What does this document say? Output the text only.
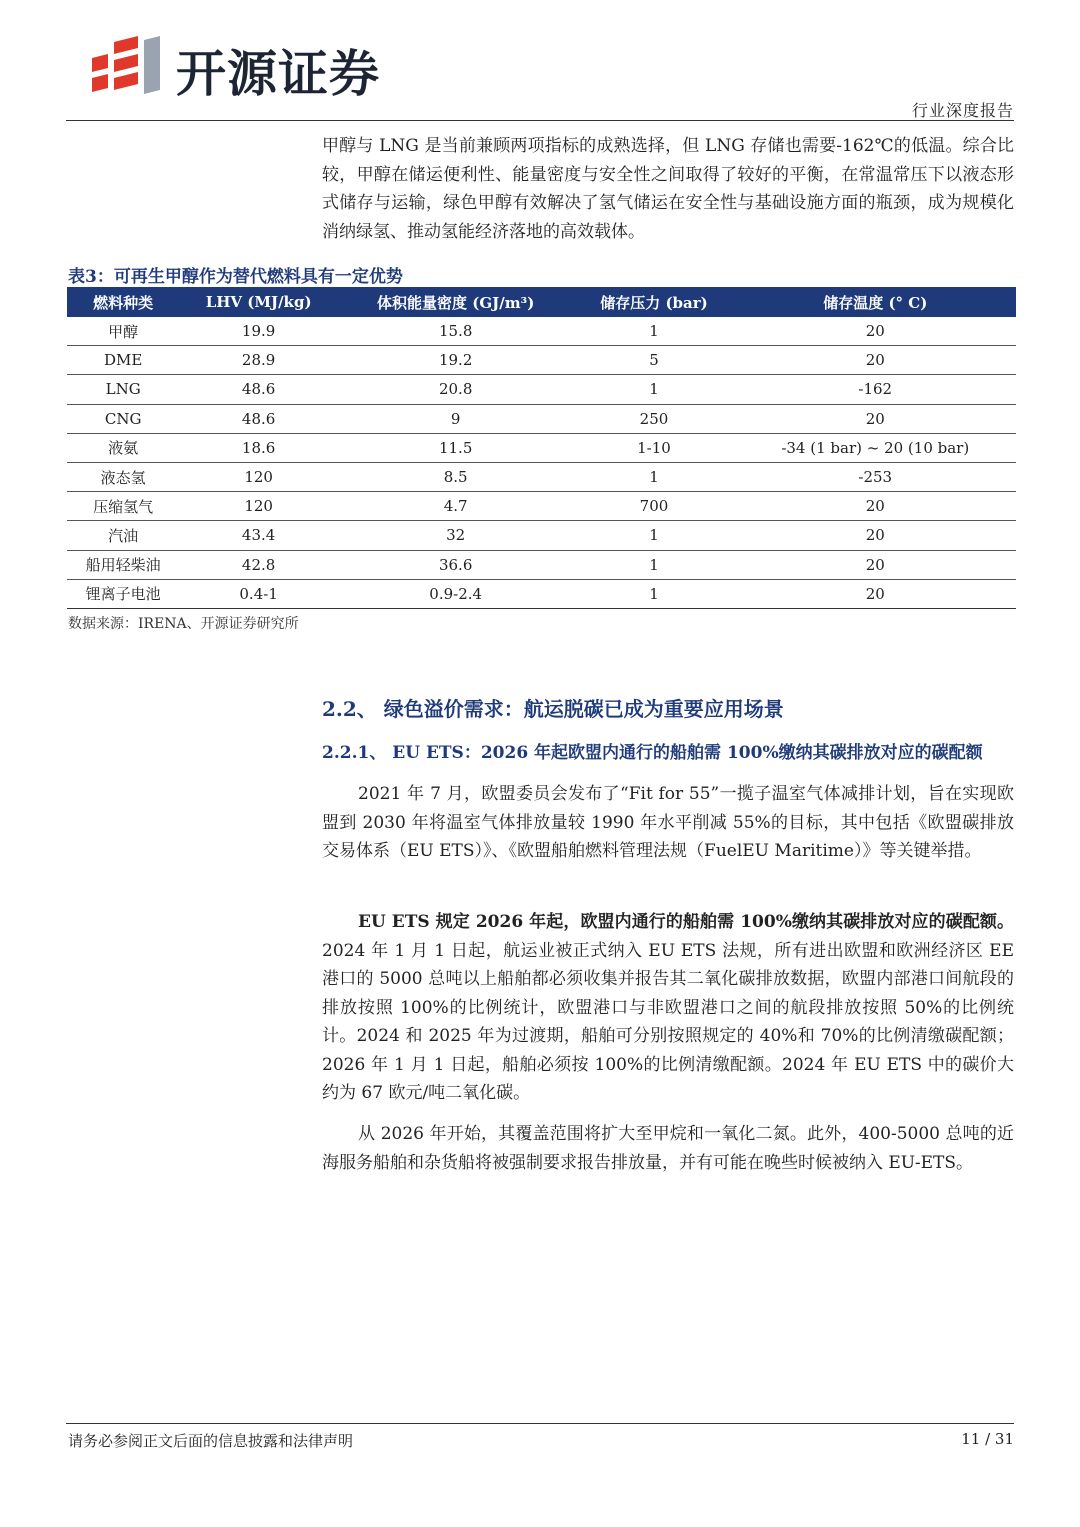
开源证券
行业深度报告

甲醇与 LNG 是当前兼顾两项指标的成熟选择，但 LNG 存储也需要-162℃的低温。综合比较，甲醇在储运便利性、能量密度与安全性之间取得了较好的平衡，在常温常压下以液态形式储存与运输，绿色甲醇有效解决了氢气储运在安全性与基础设施方面的瓶颈，成为规模化消纳绿氢、推动氢能经济落地的高效载体。

表3：可再生甲醇作为替代燃料具有一定优势
燃料种类	LHV (MJ/kg)	体积能量密度 (GJ/m³)	储存压力 (bar)	储存温度 (° C)
甲醇	19.9	15.8	1	20
DME	28.9	19.2	5	20
LNG	48.6	20.8	1	-162
CNG	48.6	9	250	20
液氨	18.6	11.5	1-10	-34 (1 bar) ~ 20 (10 bar)
液态氢	120	8.5	1	-253
压缩氢气	120	4.7	700	20
汽油	43.4	32	1	20
船用轻柴油	42.8	36.6	1	20
锂离子电池	0.4-1	0.9-2.4	1	20
数据来源：IRENA、开源证券研究所
2.2、 绿色溢价需求：航运脱碳已成为重要应用场景
2.2.1、 EU ETS：2026 年起欧盟内通行的船舶需 100%缴纳其碳排放对应的碳配额

2021 年 7 月，欧盟委员会发布了“Fit for 55”一揽子温室气体减排计划，旨在实现欧盟到 2030 年将温室气体排放量较 1990 年水平削减 55%的目标，其中包括《欧盟碳排放交易体系（EU ETS）》、《欧盟船舶燃料管理法规（FuelEU Maritime）》等关键举措。

EU ETS 规定 2026 年起，欧盟内通行的船舶需 100%缴纳其碳排放对应的碳配额。2024 年 1 月 1 日起，航运业被正式纳入 EU ETS 法规，所有进出欧盟和欧洲经济区 EE 港口的 5000 总吨以上船舶都必须收集并报告其二氧化碳排放数据，欧盟内部港口间航段的排放按照 100%的比例统计，欧盟港口与非欧盟港口之间的航段排放按照 50%的比例统计。2024 和 2025 年为过渡期，船舶可分别按照规定的 40%和 70%的比例清缴碳配额；2026 年 1 月 1 日起，船舶必须按 100%的比例清缴配额。2024 年 EU ETS 中的碳价大约为 67 欧元/吨二氧化碳。

从 2026 年开始，其覆盖范围将扩大至甲烷和一氧化二氮。此外，400-5000 总吨的近海服务船舶和杂货船将被强制要求报告排放量，并有可能在晚些时候被纳入 EU-ETS。

请务必参阅正文后面的信息披露和法律声明	11 / 31
